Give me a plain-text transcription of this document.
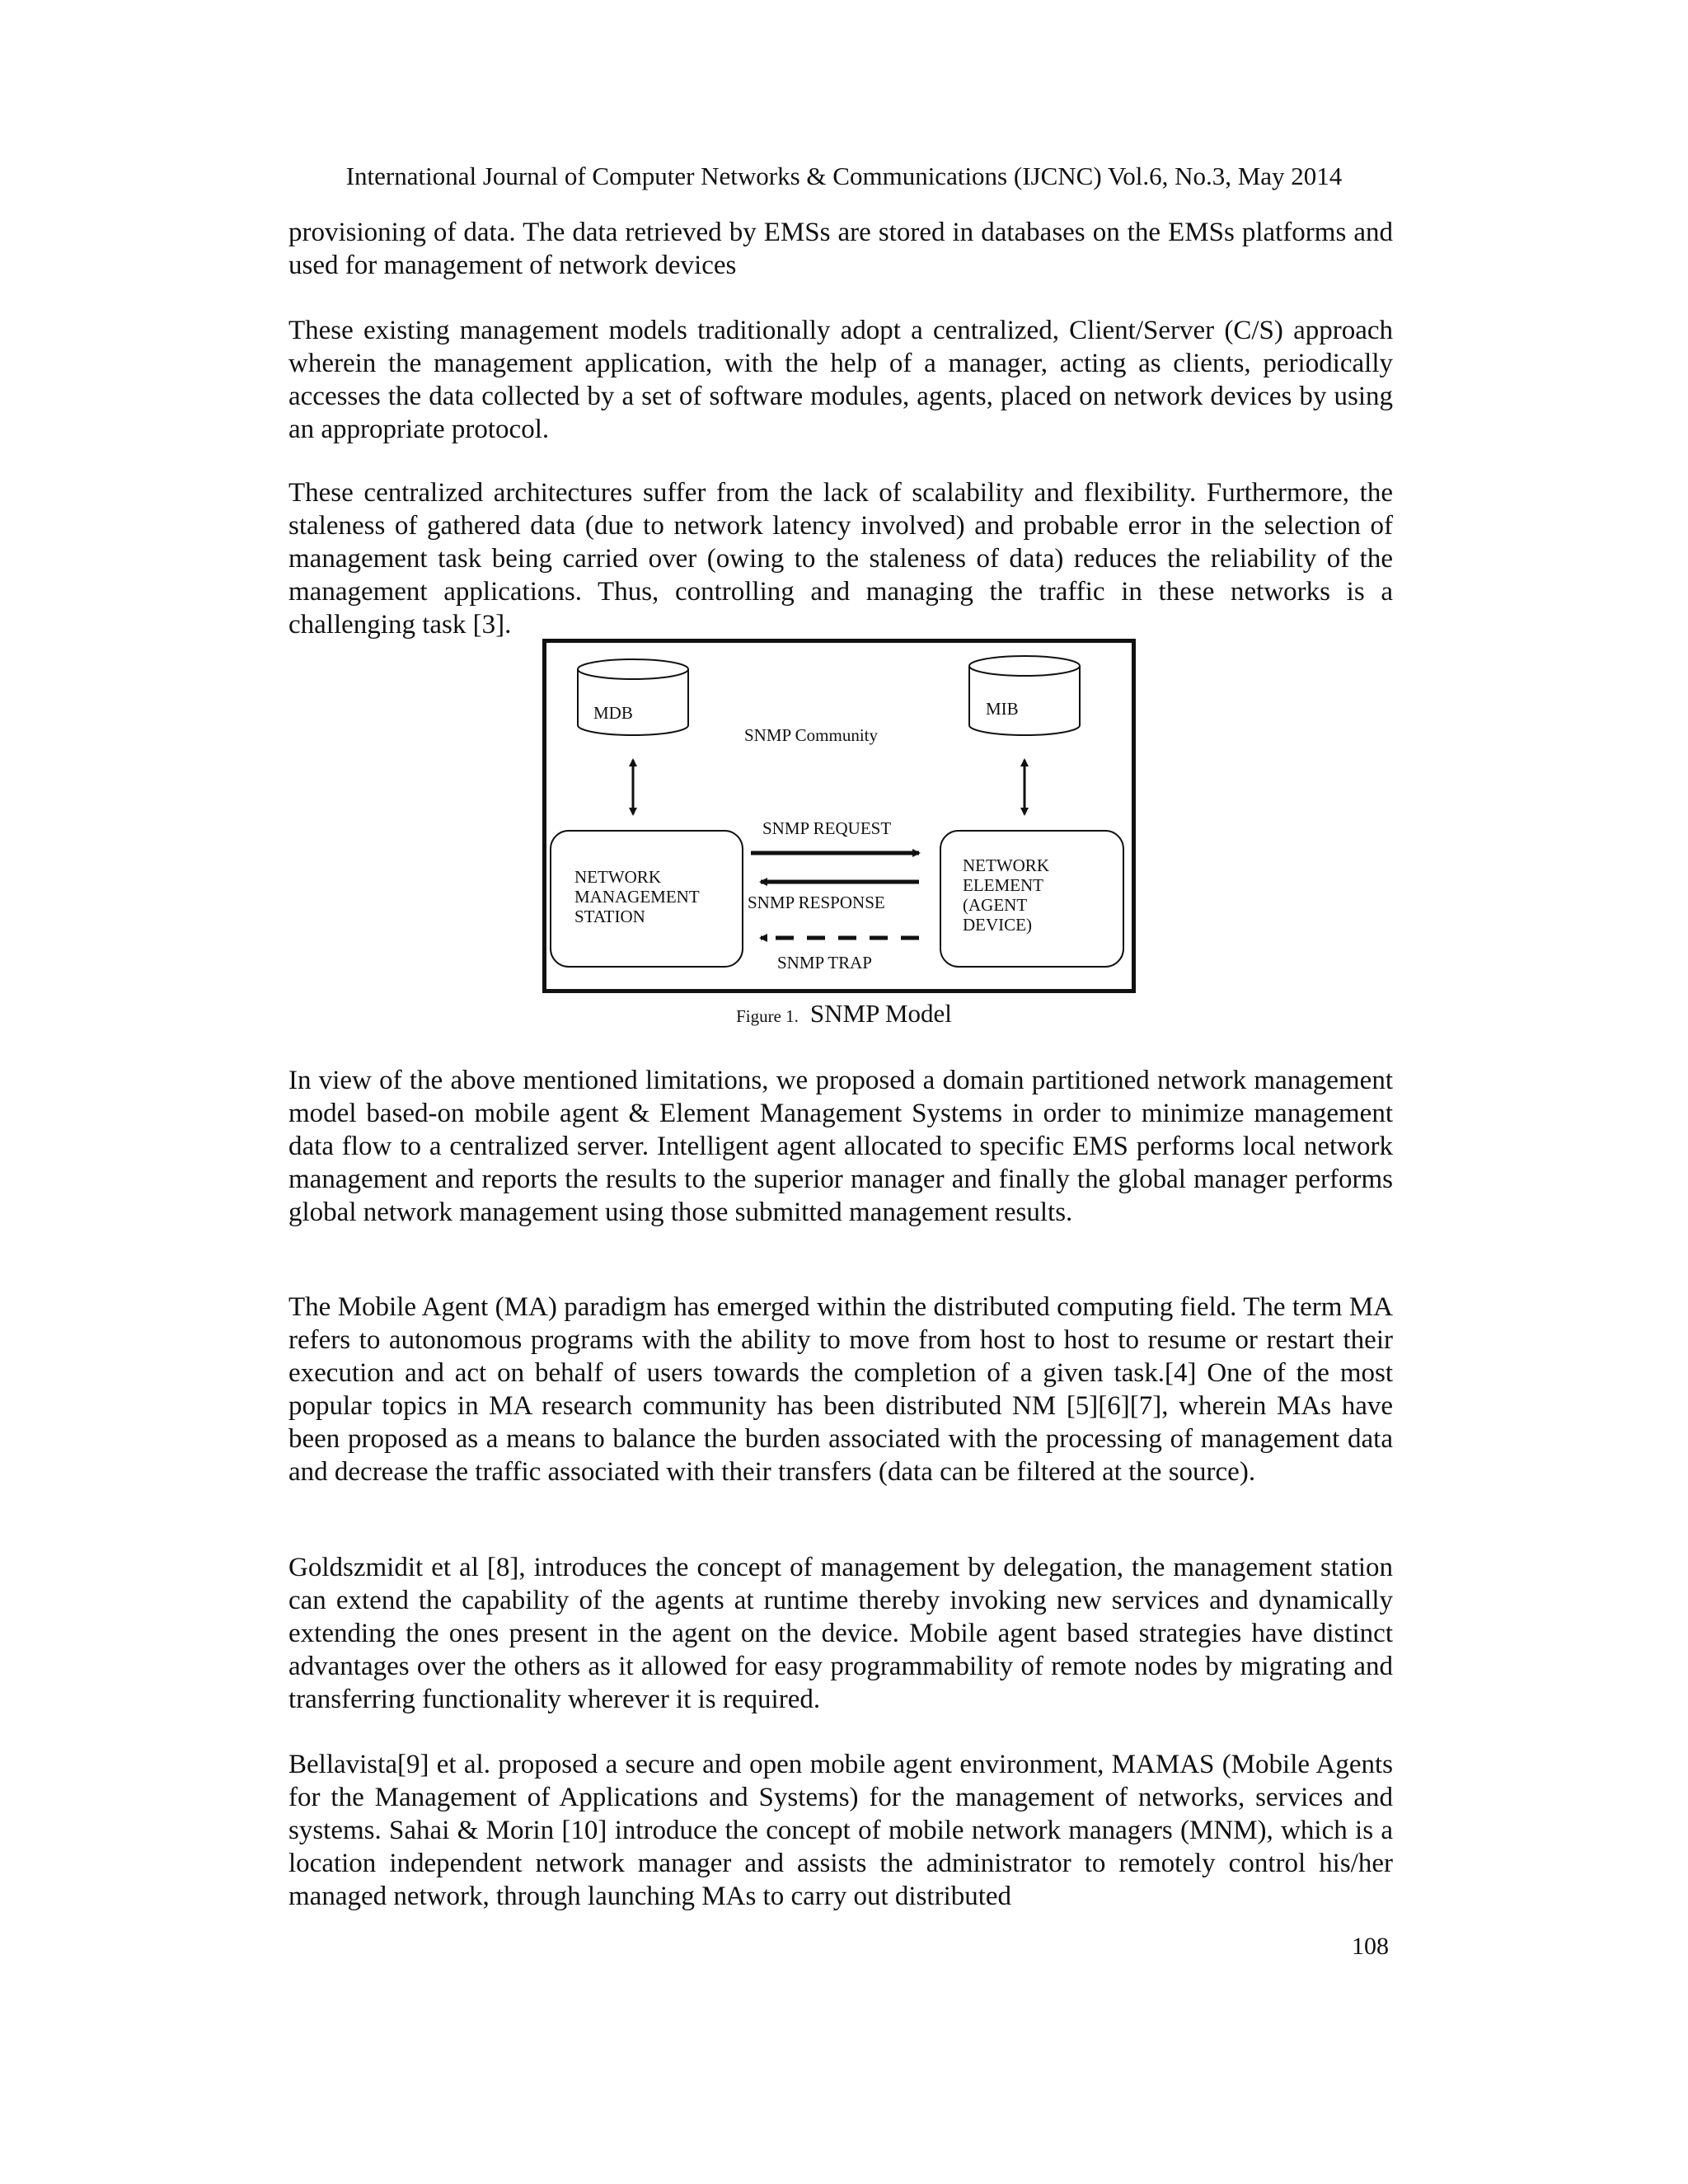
International Journal of Computer Networks & Communications (IJCNC) Vol.6, No.3, May 2014

provisioning of data. The data retrieved by EMSs are stored in databases on the EMSs platforms and used for management of network devices

These existing management models traditionally adopt a centralized, Client/Server (C/S) approach wherein the management application, with the help of a manager, acting as clients, periodically accesses the data collected by a set of software modules, agents, placed on network devices by using an appropriate protocol.

These centralized architectures suffer from the lack of scalability and flexibility. Furthermore, the staleness of gathered data (due to network latency involved) and probable error in the selection of management task being carried over (owing to the staleness of data) reduces the reliability of the management applications. Thus, controlling and managing the traffic in these networks is a challenging task [3].

MDB	MIB
SNMP Community
SNMP REQUEST
SNMP RESPONSE
SNMP TRAP
NETWORK
MANAGEMENT
STATION
NETWORK
ELEMENT
(AGENT
DEVICE)
Figure 1. SNMP Model

In view of the above mentioned limitations, we proposed a domain partitioned network management model based-on mobile agent & Element Management Systems in order to minimize management data flow to a centralized server. Intelligent agent allocated to specific EMS performs local network management and reports the results to the superior manager and finally the global manager performs global network management using those submitted management results.

The Mobile Agent (MA) paradigm has emerged within the distributed computing field. The term MA refers to autonomous programs with the ability to move from host to host to resume or restart their execution and act on behalf of users towards the completion of a given task.[4] One of the most popular topics in MA research community has been distributed NM [5][6][7], wherein MAs have been proposed as a means to balance the burden associated with the processing of management data and decrease the traffic associated with their transfers (data can be filtered at the source).

Goldszmidit et al [8], introduces the concept of management by delegation, the management station can extend the capability of the agents at runtime thereby invoking new services and dynamically extending the ones present in the agent on the device. Mobile agent based strategies have distinct advantages over the others as it allowed for easy programmability of remote nodes by migrating and transferring functionality wherever it is required.

Bellavista[9] et al. proposed a secure and open mobile agent environment, MAMAS (Mobile Agents for the Management of Applications and Systems) for the management of networks, services and systems. Sahai & Morin [10] introduce the concept of mobile network managers (MNM), which is a location independent network manager and assists the administrator to remotely control his/her managed network, through launching MAs to carry out distributed

108
